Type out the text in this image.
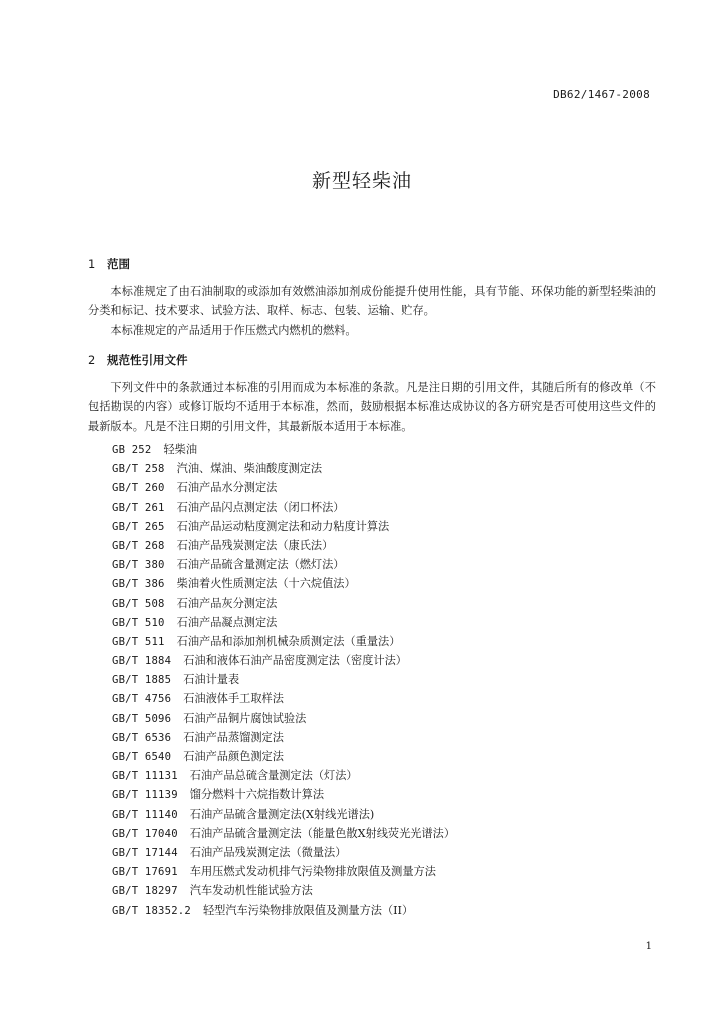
DB62/1467-2008
新型轻柴油
1 范围

本标准规定了由石油制取的或添加有效燃油添加剂成份能提升使用性能，具有节能、环保功能的新型轻柴油的分类和标记、技术要求、试验方法、取样、标志、包装、运输、贮存。

本标准规定的产品适用于作压燃式内燃机的燃料。

2 规范性引用文件

下列文件中的条款通过本标准的引用而成为本标准的条款。凡是注日期的引用文件，其随后所有的修改单（不包括勘误的内容）或修订版均不适用于本标准，然而，鼓励根据本标准达成协议的各方研究是否可使用这些文件的最新版本。凡是不注日期的引用文件，其最新版本适用于本标准。

GB 252 轻柴油
GB/T 258 汽油、煤油、柴油酸度测定法
GB/T 260 石油产品水分测定法
GB/T 261 石油产品闪点测定法（闭口杯法）
GB/T 265 石油产品运动粘度测定法和动力粘度计算法
GB/T 268 石油产品残炭测定法（康氏法）
GB/T 380 石油产品硫含量测定法（燃灯法）
GB/T 386 柴油着火性质测定法（十六烷值法）
GB/T 508 石油产品灰分测定法
GB/T 510 石油产品凝点测定法
GB/T 511 石油产品和添加剂机械杂质测定法（重量法）
GB/T 1884 石油和液体石油产品密度测定法（密度计法）
GB/T 1885 石油计量表
GB/T 4756 石油液体手工取样法
GB/T 5096 石油产品铜片腐蚀试验法
GB/T 6536 石油产品蒸馏测定法
GB/T 6540 石油产品颜色测定法
GB/T 11131 石油产品总硫含量测定法（灯法）
GB/T 11139 馏分燃料十六烷指数计算法
GB/T 11140 石油产品硫含量测定法(X射线光谱法)
GB/T 17040 石油产品硫含量测定法（能量色散X射线荧光光谱法）
GB/T 17144 石油产品残炭测定法（微量法）
GB/T 17691 车用压燃式发动机排气污染物排放限值及测量方法
GB/T 18297 汽车发动机性能试验方法
GB/T 18352.2 轻型汽车污染物排放限值及测量方法（II）
1
